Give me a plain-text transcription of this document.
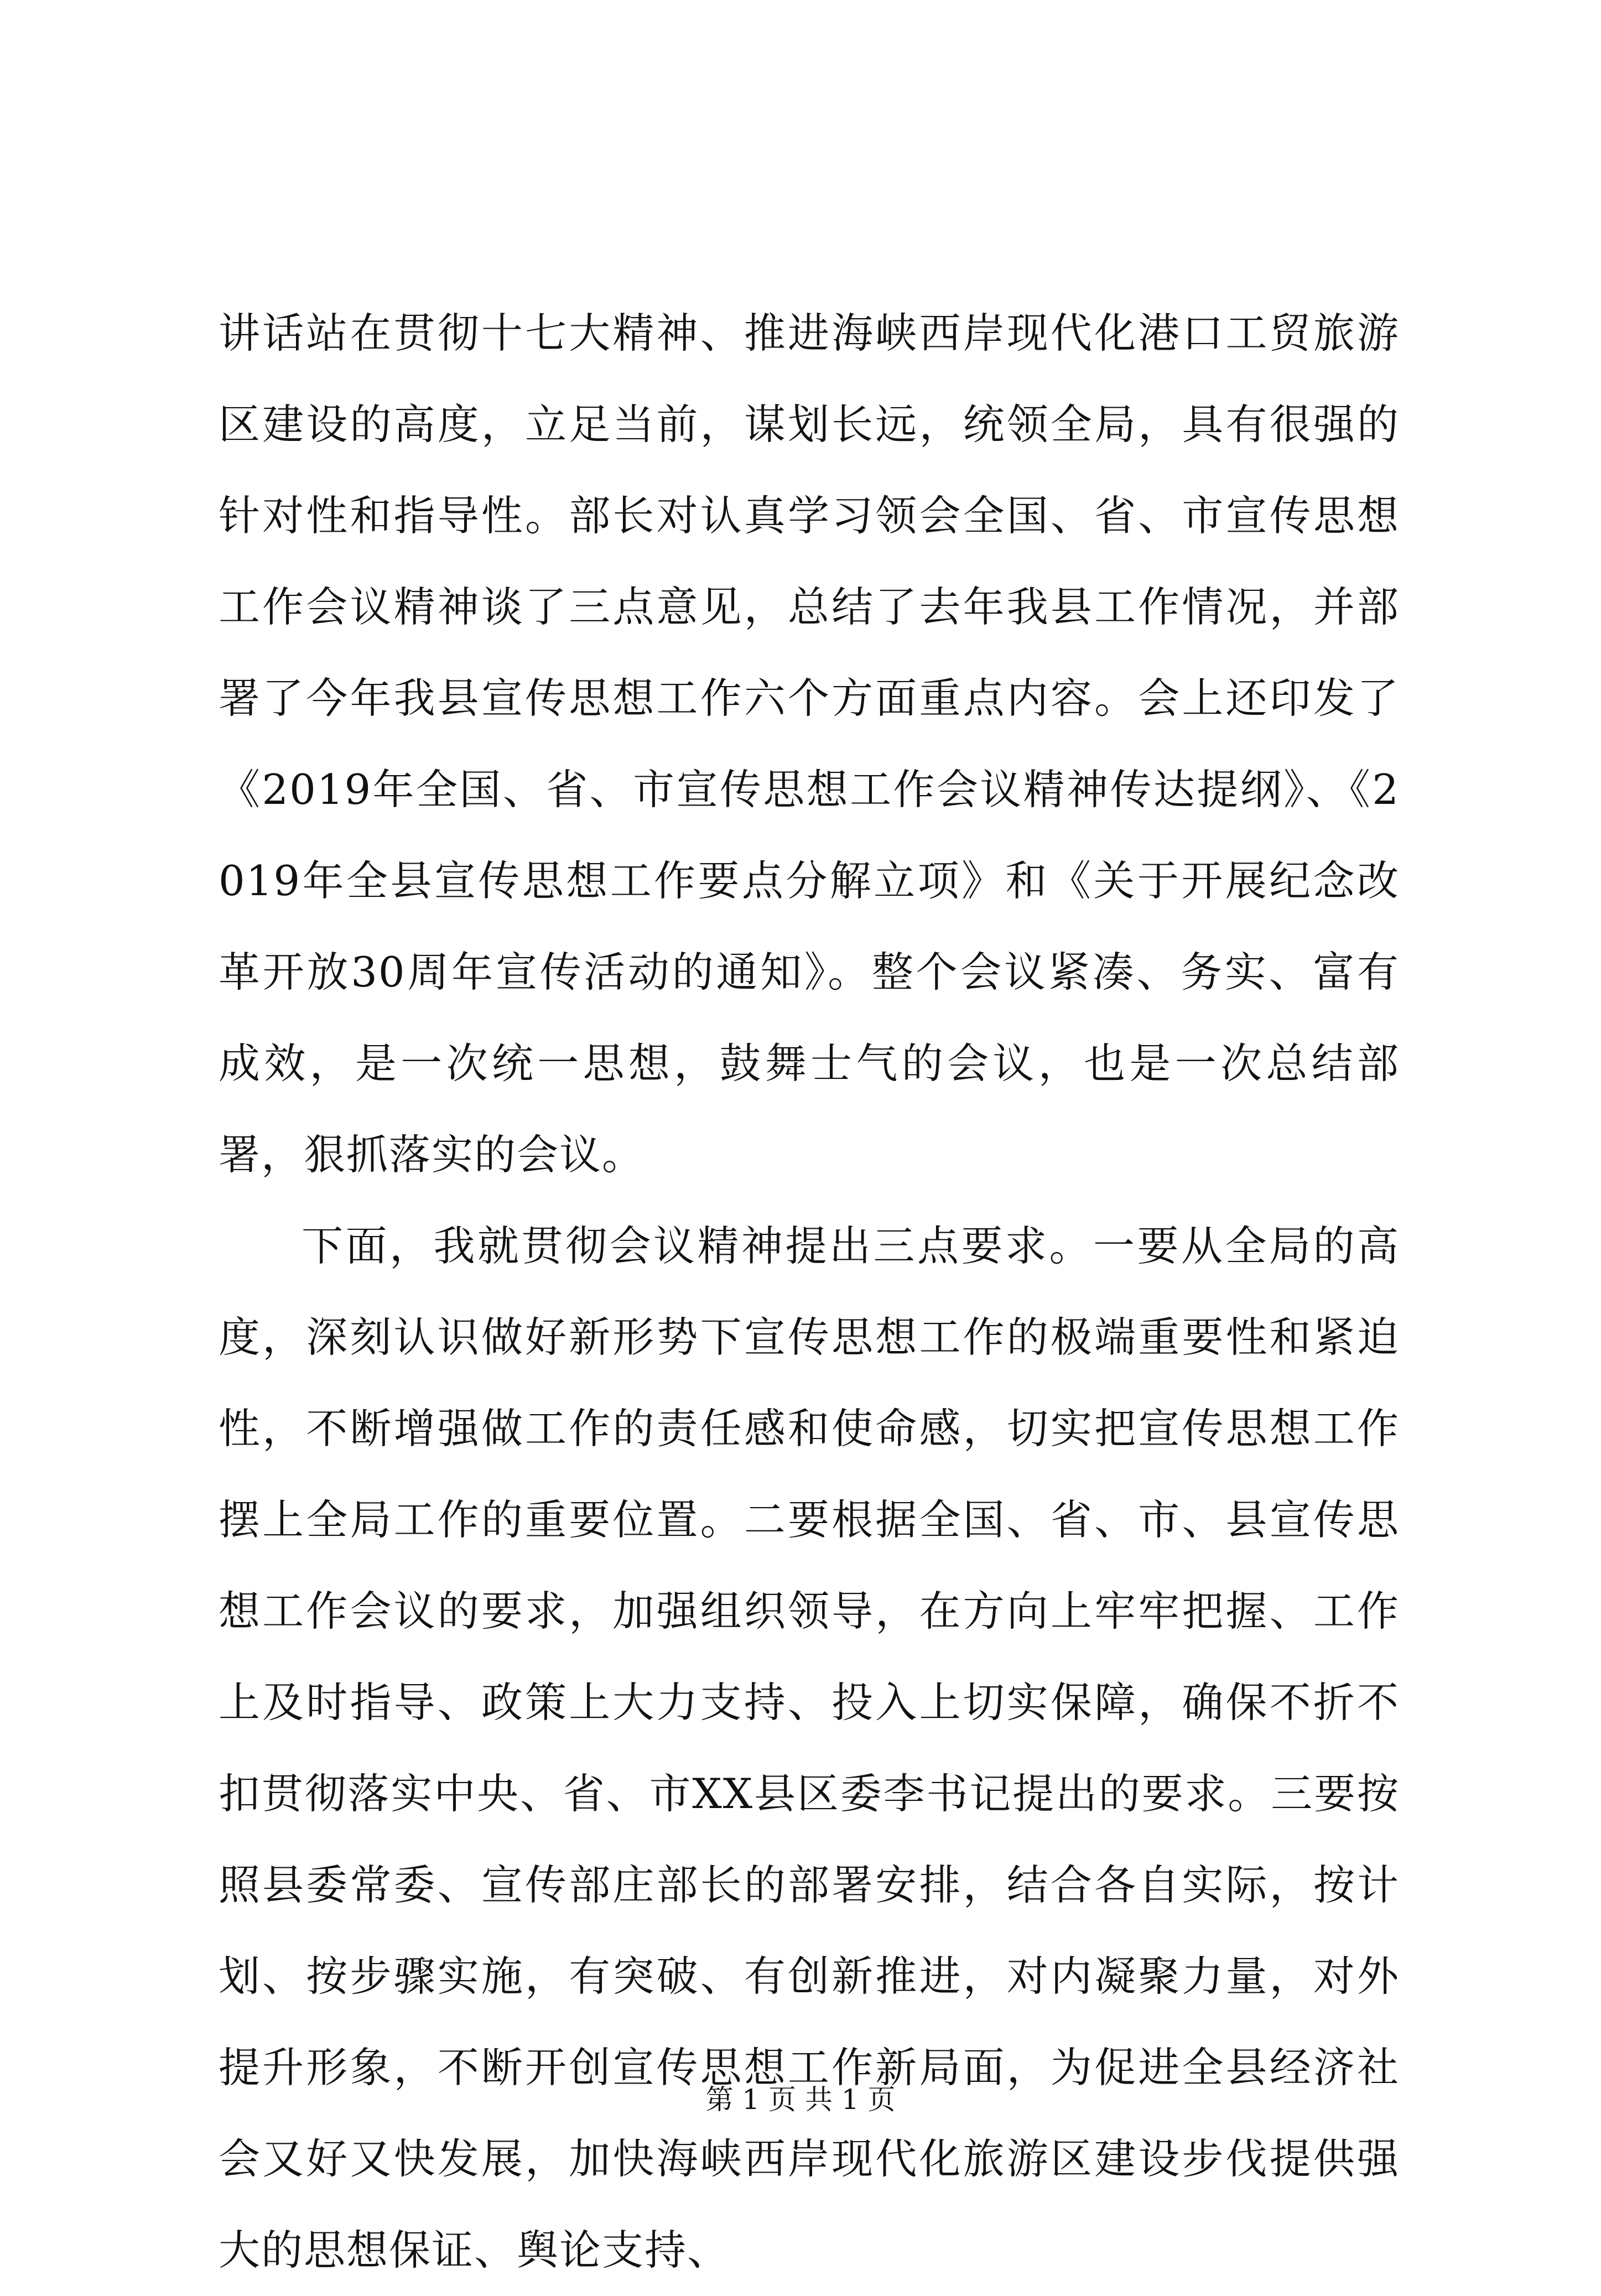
讲话站在贯彻十七大精神、推进海峡西岸现代化港口工贸旅游区建设的高度，立足当前，谋划长远，统领全局，具有很强的针对性和指导性。部长对认真学习领会全国、省、市宣传思想工作会议精神谈了三点意见，总结了去年我县工作情况，并部署了今年我县宣传思想工作六个方面重点内容。会上还印发了《2019年全国、省、市宣传思想工作会议精神传达提纲》、《2019年全县宣传思想工作要点分解立项》和《关于开展纪念改革开放30周年宣传活动的通知》。整个会议紧凑、务实、富有成效，是一次统一思想，鼓舞士气的会议，也是一次总结部署，狠抓落实的会议。

下面，我就贯彻会议精神提出三点要求。一要从全局的高度，深刻认识做好新形势下宣传思想工作的极端重要性和紧迫性，不断增强做工作的责任感和使命感，切实把宣传思想工作摆上全局工作的重要位置。二要根据全国、省、市、县宣传思想工作会议的要求，加强组织领导，在方向上牢牢把握、工作上及时指导、政策上大力支持、投入上切实保障，确保不折不扣贯彻落实中央、省、市XX县区委李书记提出的要求。三要按照县委常委、宣传部庄部长的部署安排，结合各自实际，按计划、按步骤实施，有突破、有创新推进，对内凝聚力量，对外提升形象，不断开创宣传思想工作新局面，为促进全县经济社会又好又快发展，加快海峡西岸现代化旅游区建设步伐提供强大的思想保证、舆论支持、

第 1 页 共 1 页
